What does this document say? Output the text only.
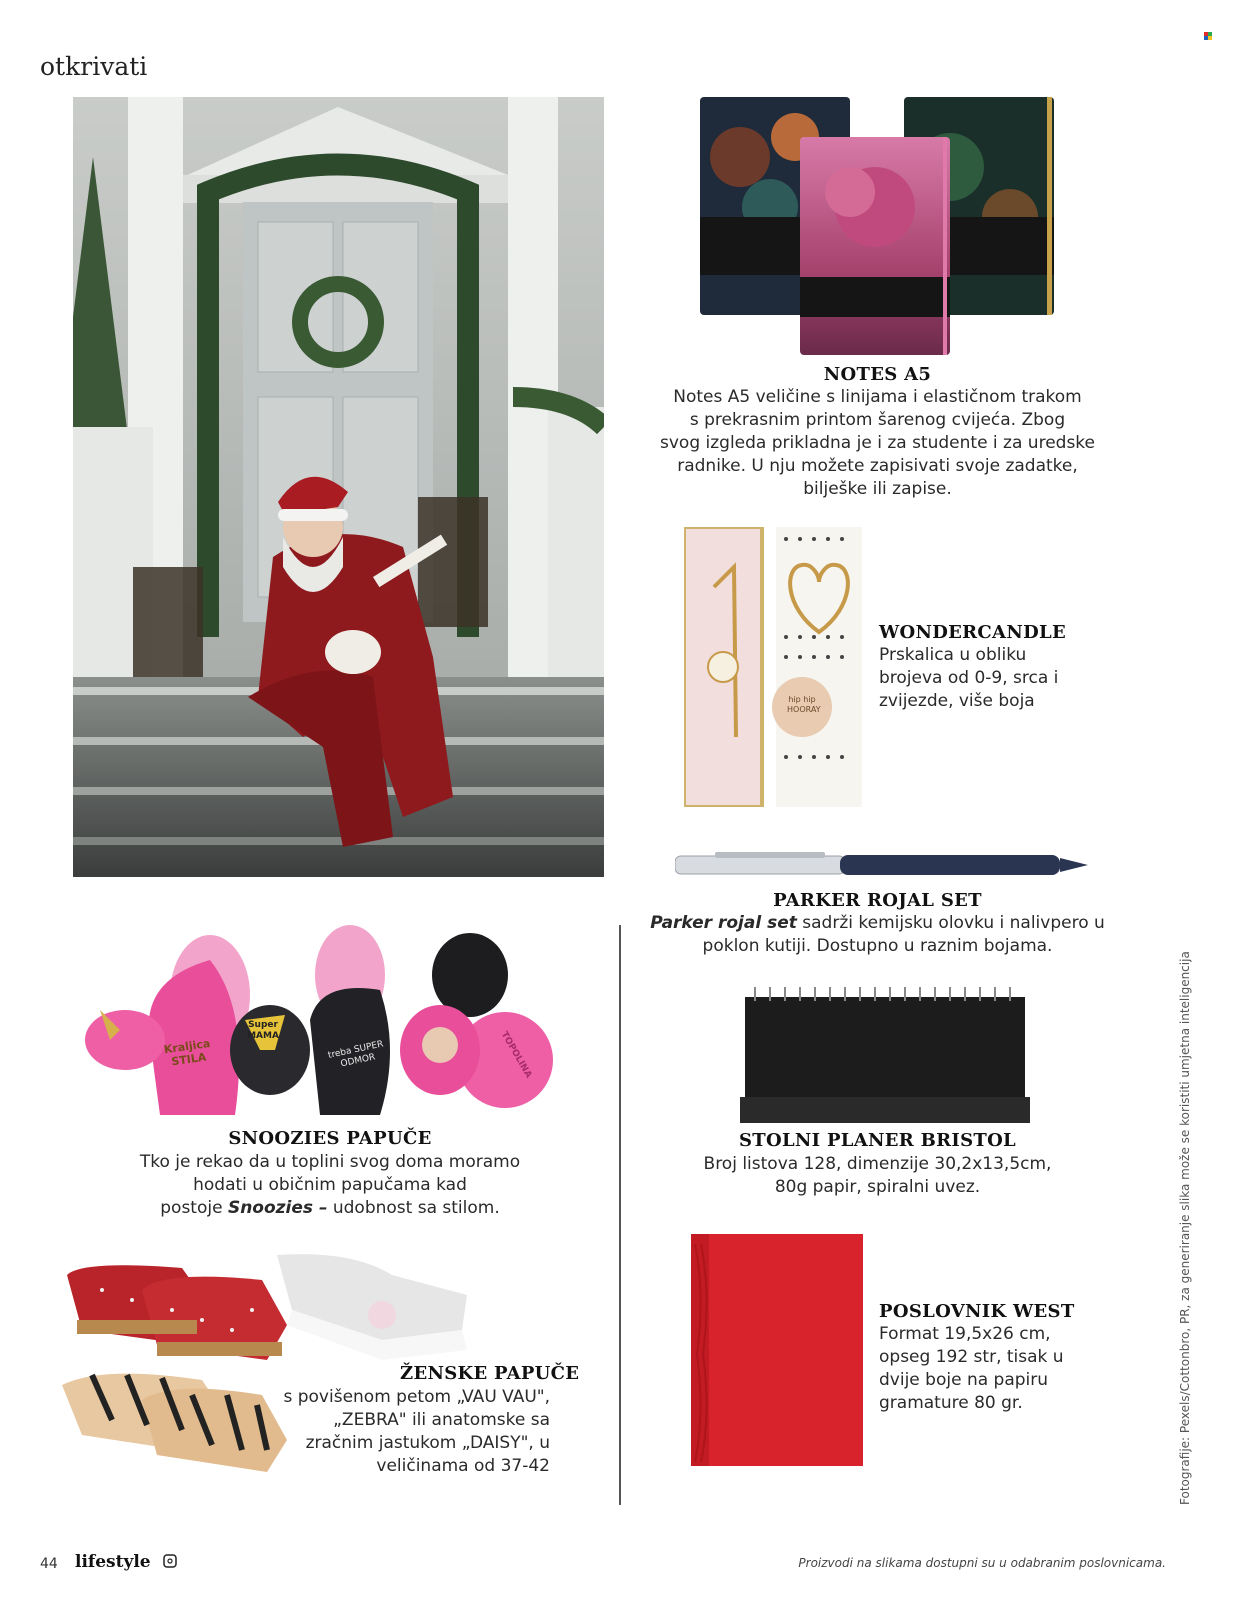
otkrivati
NOTES A5
Notes A5 veličine s linijama i elastičnom trakom
s prekrasnim printom šarenog cvijeća. Zbog
svog izgleda prikladna je i za studente i za uredske
radnike. U nju možete zapisivati svoje zadatke,
bilješke ili zapise.
hip hip HOORAY
WONDERCANDLE
Prskalica u obliku
brojeva od 0-9, srca i
zvijezde, više boja
PARKER ROJAL SET
Parker rojal set sadrži kemijsku olovku i nalivpero u
poklon kutiji. Dostupno u raznim bojama.
Kraljica STILA
Super MAMA
treba SUPER ODMOR	TOPOLINA
SNOOZIES PAPUČE
Tko je rekao da u toplini svog doma moramo
hodati u običnim papučama kad
postoje Snoozies – udobnost sa stilom.
STOLNI PLANER BRISTOL
Broj listova 128, dimenzije 30,2x13,5cm,
80g papir, spiralni uvez.
ŽENSKE PAPUČE
s povišenom petom „VAU VAU",
„ZEBRA" ili anatomske sa
zračnim jastukom „DAISY", u
veličinama od 37-42
POSLOVNIK WEST
Format 19,5x26 cm,
opseg 192 str, tisak u
dvije boje na papiru
gramature 80 gr.	Fotografije: Pexels/Cottonbro, PR, za generiranje slika može se koristiti umjetna inteligencija
44 lifestyle	Proizvodi na slikama dostupni su u odabranim poslovnicama.
